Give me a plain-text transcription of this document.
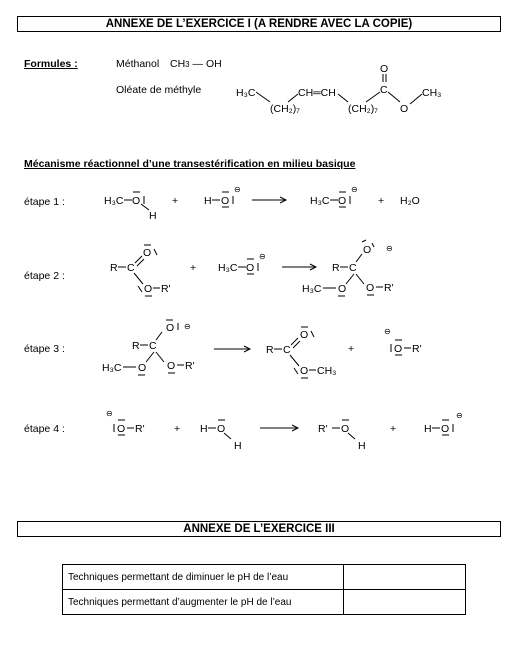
ANNEXE DE L’EXERCICE I (A RENDRE AVEC LA COPIE)
Formules :	Méthanol CH3 — OH
Oléate de méthyle	H₃C
(CH₂)₇
CH═CH
(CH₂)₇
C
O
O
CH₃
Mécanisme réactionnel d’une transestérification en milieu basique
étape 1 :
étape 2 :
étape 3 :
étape 4 :
H₃C O
H
+ H O
⊖
H₃C O
⊖
+ H₂O
R C
O
O R'
+ H₃C O
⊖
R C
O ⊖
O
H₃C	O R'
R C
O ⊖
O
H₃C	O R'
R C
O
O CH₃
+
⊖
O R'
⊖
O R'	+ H O
H
R' O
H
+	H O
⊖
ANNEXE DE L’EXERCICE III
Techniques permettant de diminuer le pH de l’eau	
Techniques permettant d’augmenter le pH de l’eau	
